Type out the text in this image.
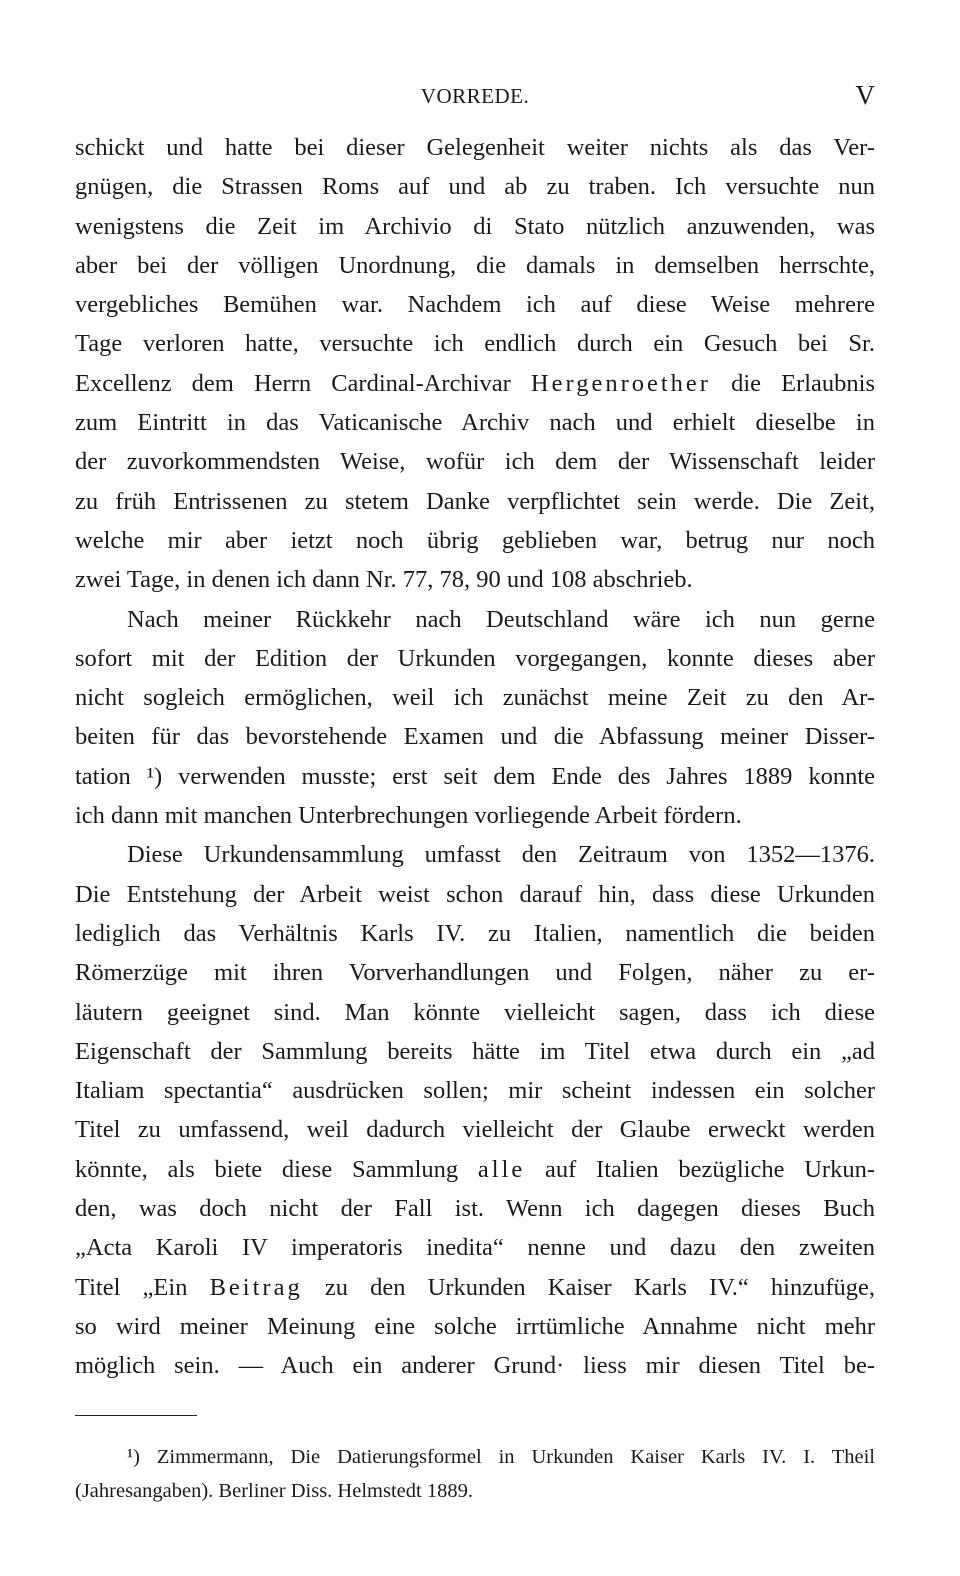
VORREDE.	V
schickt und hatte bei dieser Gelegenheit weiter nichts als das Ver-
gnügen, die Strassen Roms auf und ab zu traben. Ich versuchte nun
wenigstens die Zeit im Archivio di Stato nützlich anzuwenden, was
aber bei der völligen Unordnung, die damals in demselben herrschte,
vergebliches Bemühen war. Nachdem ich auf diese Weise mehrere
Tage verloren hatte, versuchte ich endlich durch ein Gesuch bei Sr.
Excellenz dem Herrn Cardinal-Archivar Hergenroether die Erlaubnis
zum Eintritt in das Vaticanische Archiv nach und erhielt dieselbe in
der zuvorkommendsten Weise, wofür ich dem der Wissenschaft leider
zu früh Entrissenen zu stetem Danke verpflichtet sein werde. Die Zeit,
welche mir aber ietzt noch übrig geblieben war, betrug nur noch
zwei Tage, in denen ich dann Nr. 77, 78, 90 und 108 abschrieb.
Nach meiner Rückkehr nach Deutschland wäre ich nun gerne
sofort mit der Edition der Urkunden vorgegangen, konnte dieses aber
nicht sogleich ermöglichen, weil ich zunächst meine Zeit zu den Ar-
beiten für das bevorstehende Examen und die Abfassung meiner Disser-
tation ¹) verwenden musste; erst seit dem Ende des Jahres 1889 konnte
ich dann mit manchen Unterbrechungen vorliegende Arbeit fördern.
Diese Urkundensammlung umfasst den Zeitraum von 1352—1376.
Die Entstehung der Arbeit weist schon darauf hin, dass diese Urkunden
lediglich das Verhältnis Karls IV. zu Italien, namentlich die beiden
Römerzüge mit ihren Vorverhandlungen und Folgen, näher zu er-
läutern geeignet sind. Man könnte vielleicht sagen, dass ich diese
Eigenschaft der Sammlung bereits hätte im Titel etwa durch ein „ad
Italiam spectantia“ ausdrücken sollen; mir scheint indessen ein solcher
Titel zu umfassend, weil dadurch vielleicht der Glaube erweckt werden
könnte, als biete diese Sammlung alle auf Italien bezügliche Urkun-
den, was doch nicht der Fall ist. Wenn ich dagegen dieses Buch
„Acta Karoli IV imperatoris inedita“ nenne und dazu den zweiten
Titel „Ein Beitrag zu den Urkunden Kaiser Karls IV.“ hinzufüge,
so wird meiner Meinung eine solche irrtümliche Annahme nicht mehr
möglich sein. — Auch ein anderer Grund· liess mir diesen Titel be-
¹) Zimmermann, Die Datierungsformel in Urkunden Kaiser Karls IV. I. Theil
(Jahresangaben). Berliner Diss. Helmstedt 1889.
